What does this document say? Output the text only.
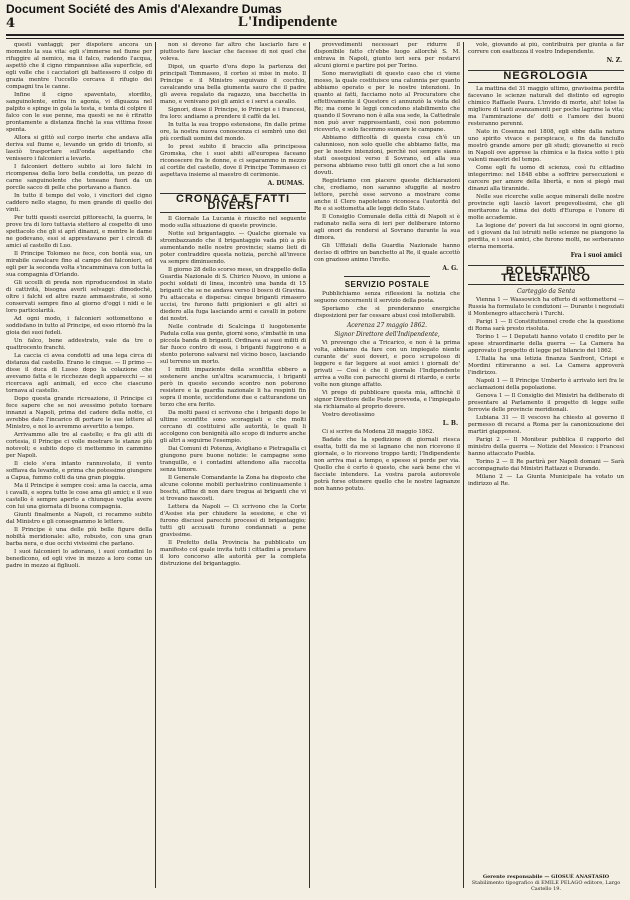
Document Société des Amis d'Alexandre Dumas
4	L'Indipendente

questi vantaggi; per dispotere ancora un momento la sua vita: egli s'immerse nel fiume per rifuggire al nemico, ma il falco, radendo l'acqua, aspettò che il cigno rimpannisse alla superficie, ed egli volle che i cacciatori gli battessero il colpo di grazia mentre l'uccello cercava il rifugio dei compagni tra le canne.

Infine il cigno spaventato, stordito, sanguinolente, entra in agonia, vi diguazza nel palpito e spinge in gola la testa, e tenta di colpire il falco con le sue penne, ma questi se ne è ritratto prontamente a distanza finchè la sua vittima fosse spenta.

Allora si gittò sul corpo inerte che andava alla deriva sul fiume e, levando un grido di trionfo, si lasciò trasportare sull'onda aspettando che venissero i falconieri a levarlo.

I falconieri dettero subito ai loro falchi in ricompensa della loro bella condotta, un pezzo di carne sanguinolente che teneano fuori da un porcile sacco di pelle che portavano a fianco.

In tutto il tempo del volo, i vincitori del cigno caddero nello stagno, fu men grande di quello dei vinti.

Per tutti questi esercizi pittoreschi, la guerra, le prove tra di loro tuttavia stettero al cospetto di uno spettacolo che gli si aprì dinanzi, e mentre le dame ne godevano, essi si apprestavano per i circoli di amici al castello di Luo.

Il Principe Tolomeo ne fece, con bontà sua, un mirabile cavalcare fino al campo dei falconieri, ed egli per la seconda volta s'incamminava con tutta la sua compagnia d'Orlando.

Gli uccelli di preda non riproducendosi in stato di cattività, bisogna averli selvaggi: dimodochè, oltre i falchi ed altre razze ammaestrate, si sono conservati sempre fino al giorno d'oggi i nidi e le loro particolarità.

Ad ogni modo, i falconieri sottomettono e soddisfano in tutto al Principe, ed esso ritornò fra la gioia dei suoi fedeli.

Un falco, bene addestrato, vale da tre o quattrocento franchi.

La caccia ci avea condotti ad una lega circa di distanza dal castello. Erano le cinque. — Il primo — disse il duca di Lusso dopo la colazione che avevamo fatta e le ricchezze degli apparecchi — si ricercava agli animali, ed ecco che ciascuno tornava al castello.

Dopo questa grande ricreazione, il Principe ci fece sapere che se noi avessimo potuto tornare innanzi a Napoli, prima del cadere della notte, ci avrebbe dato l'incarico di portare le sue lettere al Ministro, e noi lo avremmo avvertito a tempo.

Arrivammo alle tre al castello; e fra gli atti di cortesia, il Principe ci volle mostrare le stanze più notevoli; e subito dopo ci mettemmo in cammino per Napoli.

Il cielo s'era intanto rannuvolato, il vento soffiava da levante, e prima che potessimo giungere a Capua, fummo colti da una gran pioggia.

Ma il Principe è sempre così: ama la caccia, ama i cavalli, e sopra tutte le cose ama gli amici; e il suo castello è sempre aperto a chiunque voglia avere con lui una giornata di buona compagnia.

Giunti finalmente a Napoli, ci recammo subito dal Ministro e gli consegnammo le lettere.

Il Principe è una delle più belle figure della nobiltà meridionale: alto, robusto, con una gran barba nera, e due occhi vivissimi che parlano.

I suoi falconieri lo adorano, i suoi contadini lo benedicono, ed egli vive in mezzo a loro come un padre in mezzo ai figliuoli.

non si devono far altro che lasciarlo fare e piuttosto fare lasciar che facesse di noi quel che voleva.

Dipoi, un quarto d'ora dopo la partenza dei principali Tommaseo, il corteo si mise in moto. Il Principe e il Ministro seguivano il cocchio, cavalcando una bella giumenta sauro che il padre gli aveva regalato da ragazzo, una bacchetta in mano, e venivano poi gli amici e i servi a cavallo.

Signori, disse il Principe, io Principi e i francesi, fra loro: andiamo a prendere il caffè da lei.

In tutta la sua troppo estensione, fin dalle prime ore, la nostra nuova conoscenza ci sembrò uno dei più cordiali uomini del mondo.

Io presi subito il braccio alla principessa Gromska, che i suoi abiti all'europea faceano riconoscere fra le donne, e ci separammo in mezzo al cortile del castello, dove il Principe Tommaseo ci aspettava insieme al maestro di cerimonie.

A. DUMAS.
CRONACA E FATTI DIVERSI

Il Giornale La Lucania è riuscito nel seguente modo sulla situazione di queste provincie.

Notte sul brigantaggio. — Qualche giornale va strombazzando che il brigantaggio vada più a più aumentando nelle nostre provincie; siamo lieti di poter contraddire questa notizia, perchè all'invece va sempre diminuendo.

Il giorno 28 dello scorso mese, un drappello della Guardia Nazionale di S. Chirico Nuovo, in unione a pochi soldati di linea, incontrò una banda di 15 briganti che se ne andava verso il bosco di Gravina. Fu attaccata e dispersa: cinque briganti rimasero uccisi, tre furono fatti prigionieri e gli altri si diedero alla fuga lasciando armi e cavalli in potere dei nostri.

Nelle contrade di Scalcinga il luogotenente Padula colla sua gente, giorni sono, s'imbattè in una piccola banda di briganti. Ordinava ai suoi militi di far fuoco contro di essa, i briganti fuggirono e a stento poterono salvarsi nel vicino bosco, lasciando sul terreno un morto.

I militi impaziente della sconfitta ebbero a sostenere anche un'altra scaramuccia, i briganti però in questo secondo scontro non poterono resistere e la guardia nazionale li ha respinti fin sopra il monte, uccidendone due e catturandone un terzo che era ferito.

Da molti paesi ci scrivono che i briganti dopo le ultime sconfitte sono scoraggiati e che molti cercano di costituirsi alle autorità, le quali li accolgono con benignità allo scopo di indurre anche gli altri a seguirne l'esempio.

Dai Comuni di Potenza, Avigliano e Pietragalla ci giungono pure buone notizie: le campagne sono tranquille, e i contadini attendono alla raccolta senza timore.

Il Generale Comandante la Zona ha disposto che alcune colonne mobili perlustrino continuamente i boschi, affine di non dare tregua ai briganti che vi si trovano nascosti.

Lettera da Napoli — Ci scrivono che la Corte d'Assise sta per chiudere la sessione, e che vi furono discussi parecchi processi di brigantaggio; tutti gli accusati furono condannati a pene gravissime.

Il Prefetto della Provincia ha pubblicato un manifesto col quale invita tutti i cittadini a prestare il loro concorso alle autorità per la completa distruzione del brigantaggio.

provvedimenti necessari per ridurre il disponibile fatto ch'ebbe luogo allorchè S. M. entrava in Napoli, giunto ieri sera per restarvi alcuni giorni e partire poi per Torino.

Sono meravigliati di questo caso che ci viene mosso, la quale costituisce una calunnia per quanto abbiamo operato e per le nostre intenzioni. In quanto ai fatti, facciamo noto al Procuratore che effettivamente il Questore ci annunziò la visita del Re; ma come le leggi concedono stabilimento che quando il Sovrano non è alla sua sede, la Cattedrale non può aver rappresentanti, così non potemmo riceverlo, e solo facemmo suonare le campane.

Abbiamo difficoltà di questa cosa ch'è un calunnioso, non solo quelle che abbiamo fatte, ma per le nostre intenzioni, perchè noi sempre siamo stati ossequiosi verso il Sovrano, ed alla sua persona abbiamo reso tutti gli onori che a lui sono dovuti.

Registriamo con piacere queste dichiarazioni che, crediamo, non saranno sfuggite al nostro lettore, perchè esse servono a mostrare come anche il Clero napoletano riconosca l'autorità del Re e si sottometta alle leggi dello Stato.

Il Consiglio Comunale della città di Napoli si è radunato nella sera di ieri per deliberare intorno agli onori da rendersi al Sovrano durante la sua dimora.

Gli Uffiziali della Guardia Nazionale hanno deciso di offrire un banchetto al Re, il quale accettò con grazioso animo l'invito.

A. G.
SERVIZIO POSTALE

Pubblichiamo senza riflessioni la notizia che seguono concernenti il servizio della posta.

Speriamo che si prenderanno energiche disposizioni per far cessare abusi così intollerabili.

Acerenza 27 maggio 1862.
Signor Direttore dell'Indipendente,

Vi prevengo che a Tricarico, e non è la prima volta, abbiamo da fare con un impiegato niente curante de' suoi doveri, e poco scrupoloso di leggere e far leggere ai suoi amici i giornali de' privati — Così è che il giornale l'Indipendente arriva a volte con parecchi giorni di ritardo, e certe volte non giunge affatto.

Vi prego di pubblicare questa mia, affinchè il signor Direttore delle Poste provveda, e l'impiegato sia richiamato al proprio dovere.

Vostro devotissimo

L. B.

Ci si scrive da Modena 28 maggio 1862.

Badate che la spedizione di giornali riesca esatta, tutti da me si lagnano che non ricevono il giornale, o lo ricevono troppo tardi; l'Indipendente non arriva mai a tempo, e spesso si perde per via. Quello che è certo è questo, che sarà bene che vi facciate intendere. La vostra parola autorevole potrà forse ottenere quello che le nostre lagnanze non hanno potuto.

vole, giovando ai più, contribuirà per giunta a far correre con esattezza il vostro Independente.

N. Z.
NEGROLOGIA

La mattina del 31 maggio ultimo, gravissima perdita facevano le scienze naturali del distinto ed egregio chimico Raffaele Paura. L'invido di morte, ahi! tolse la migliore di tanti avanzamenti per poche lagrime la vita; ma l'ammirazione de' dotti e l'amore dei buoni resteranno perenni.

Nato in Cosenza nel 1808, egli ebbe dalla natura uno spirito vivace e perspicace, e fin da fanciullo mostrò grande amore per gli studi; giovanetto si recò in Napoli ove apprese la chimica e la fisica sotto i più valenti maestri del tempo.

Come egli fu uomo di scienza, così fu cittadino integerrimo: nel 1848 ebbe a soffrire persecuzioni e carcere per amore della libertà, e non si piegò mai dinanzi alla tirannide.

Nelle sue ricerche sulle acque minerali delle nostre provincie egli lasciò lavori pregevolissimi, che gli meritarono la stima dei dotti d'Europa e l'onore di molte accademie.

La legione de' poveri da lui soccorsi in ogni giorno, ed i giovani da lui istruiti nelle scienze ne piangono la perdita, e i suoi amici, che furono molti, ne serberanno eterna memoria.

Fra i suoi amici
BOLLETTINO TELEGRAFICO
Carteggio da Senta

Vienna 1 — Wassowich ha offerto di sottomettersi — Russia ha formulato le condizioni — Durante i negoziati il Montenegro attaccherà i Turchi.

Parigi 1 — Il Constitutionnel crede che la questione di Roma sarà presto risoluta.

Torino 1 — I Deputati hanno votato il credito per le spese straordinarie della guerra — La Camera ha approvato il progetto di legge pel bilancio del 1862.

L'Italia ha una letizia finanza Sanfront, Crispi e Mordini ritireranno a sei. La Camera approverà l'indirizzo.

Napoli 1 — Il Principe Umberto è arrivato ieri fra le acclamazioni della popolazione.

Genova 1 — Il Consiglio dei Ministri ha deliberato di presentare al Parlamento il progetto di legge sulle ferrovie delle provincie meridionali.

Lubiana 31 — Il vescovo ha chiesto al governo il permesso di recarsi a Roma per la canonizzazione dei martiri giapponesi.

Parigi 2 — Il Moniteur pubblica il rapporto del ministro della guerra — Notizie del Messico: i Francesi hanno attaccato Puebla.

Torino 2 — Il Re partirà per Napoli domani — Sarà accompagnato dai Ministri Rattazzi e Durando.

Milano 2 — La Giunta Municipale ha votato un indirizzo al Re.

Gerente responsabile — GIOSUÈ ANASTASIO
Stabilimento tipografico di EMILE PELAGO editore, Largo Castello 19.
